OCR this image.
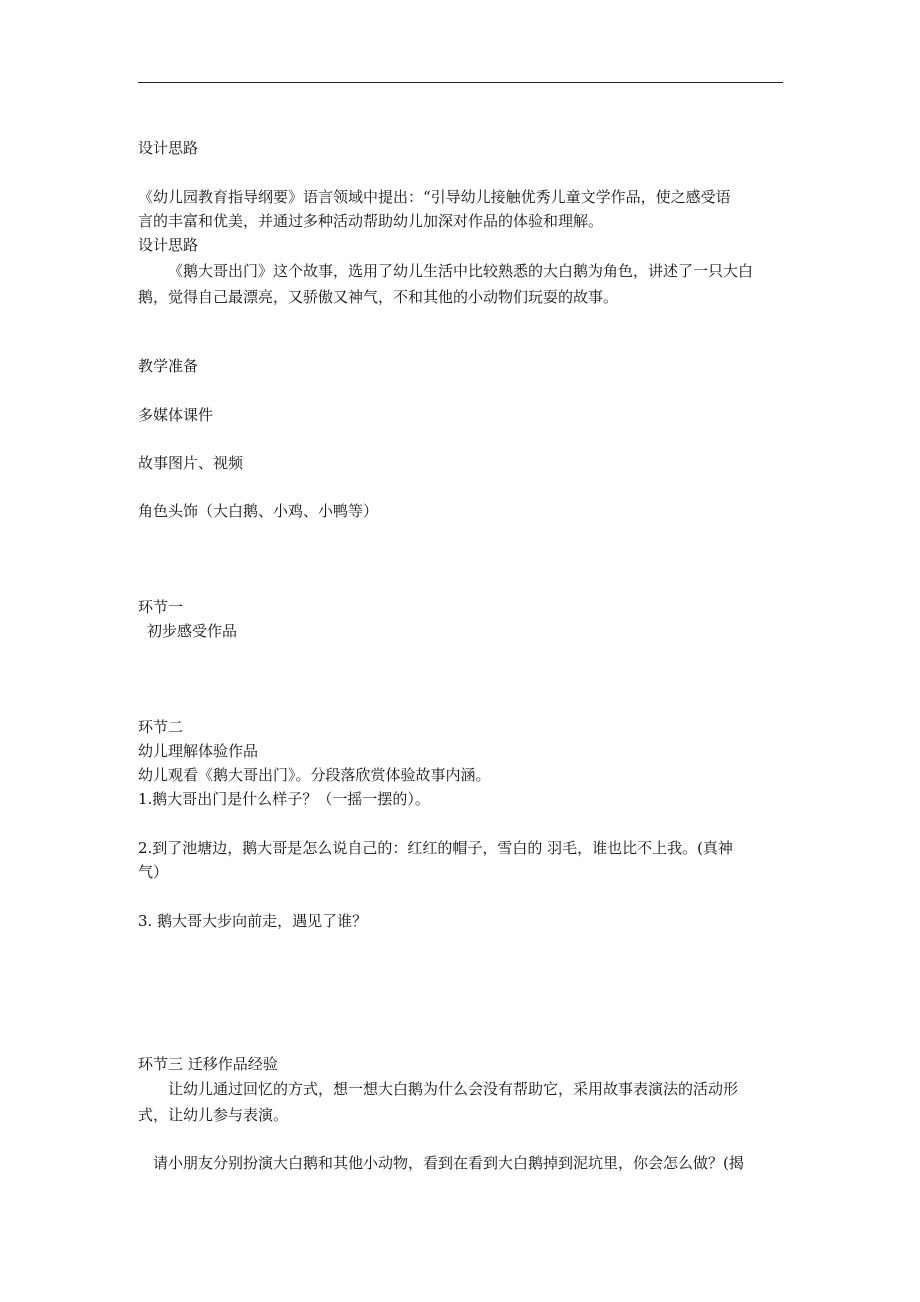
设计思路
《幼儿园教育指导纲要》语言领域中提出：“引导幼儿接触优秀儿童文学作品，使之感受语
言的丰富和优美，并通过多种活动帮助幼儿加深对作品的体验和理解。
设计思路
《鹅大哥出门》这个故事，选用了幼儿生活中比较熟悉的大白鹅为角色，讲述了一只大白
鹅，觉得自己最漂亮，又骄傲又神气，不和其他的小动物们玩耍的故事。
教学准备
多媒体课件
故事图片、视频
角色头饰（大白鹅、小鸡、小鸭等）
环节一
初步感受作品
环节二
幼儿理解体验作品
幼儿观看《鹅大哥出门》。分段落欣赏体验故事内涵。
1.鹅大哥出门是什么样子？（一摇一摆的）。
2.到了池塘边，鹅大哥是怎么说自己的：红红的帽子，雪白的 羽毛，谁也比不上我。(真神
气）
3. 鹅大哥大步向前走，遇见了谁？
环节三 迁移作品经验
让幼儿通过回忆的方式，想一想大白鹅为什么会没有帮助它，采用故事表演法的活动形
式，让幼儿参与表演。
请小朋友分别扮演大白鹅和其他小动物，看到在看到大白鹅掉到泥坑里，你会怎么做？(揭
